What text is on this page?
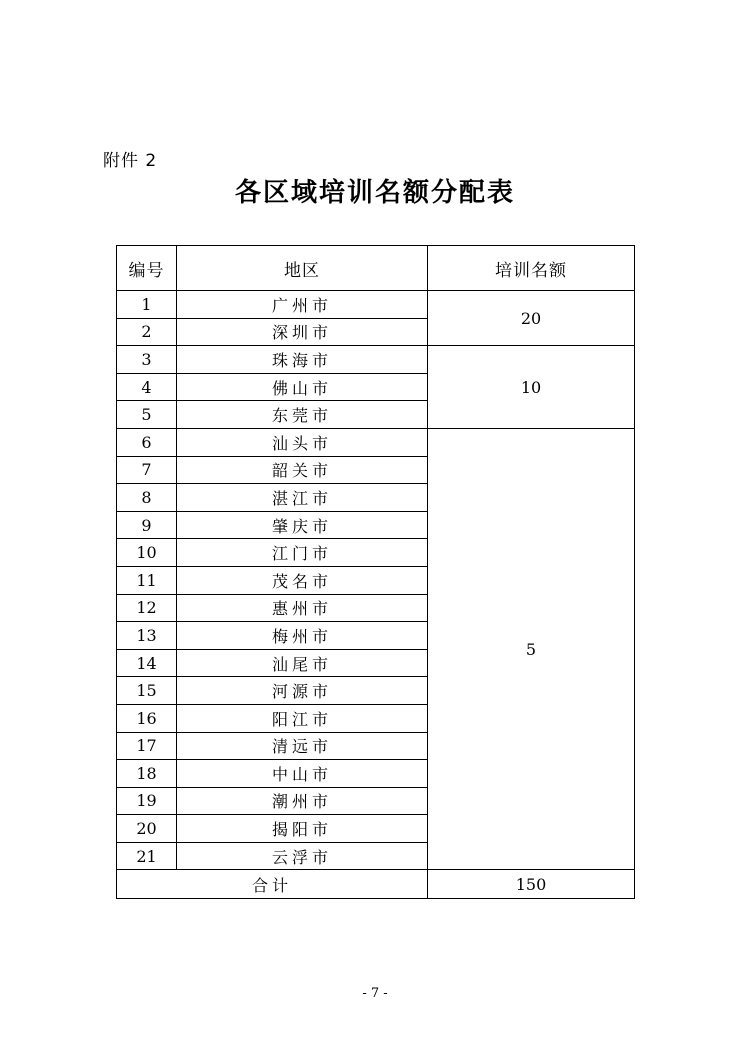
附件 2
各区域培训名额分配表
编号	地区	培训名额
1	广州市	20
2	深圳市	
3	珠海市	10
4	佛山市	
5	东莞市	
6	汕头市	5
7	韶关市	
8	湛江市	
9	肇庆市	
10	江门市	
11	茂名市	
12	惠州市	
13	梅州市	
14	汕尾市	
15	河源市	
16	阳江市	
17	清远市	
18	中山市	
19	潮州市	
20	揭阳市	
21	云浮市	
合计		150
- 7 -
